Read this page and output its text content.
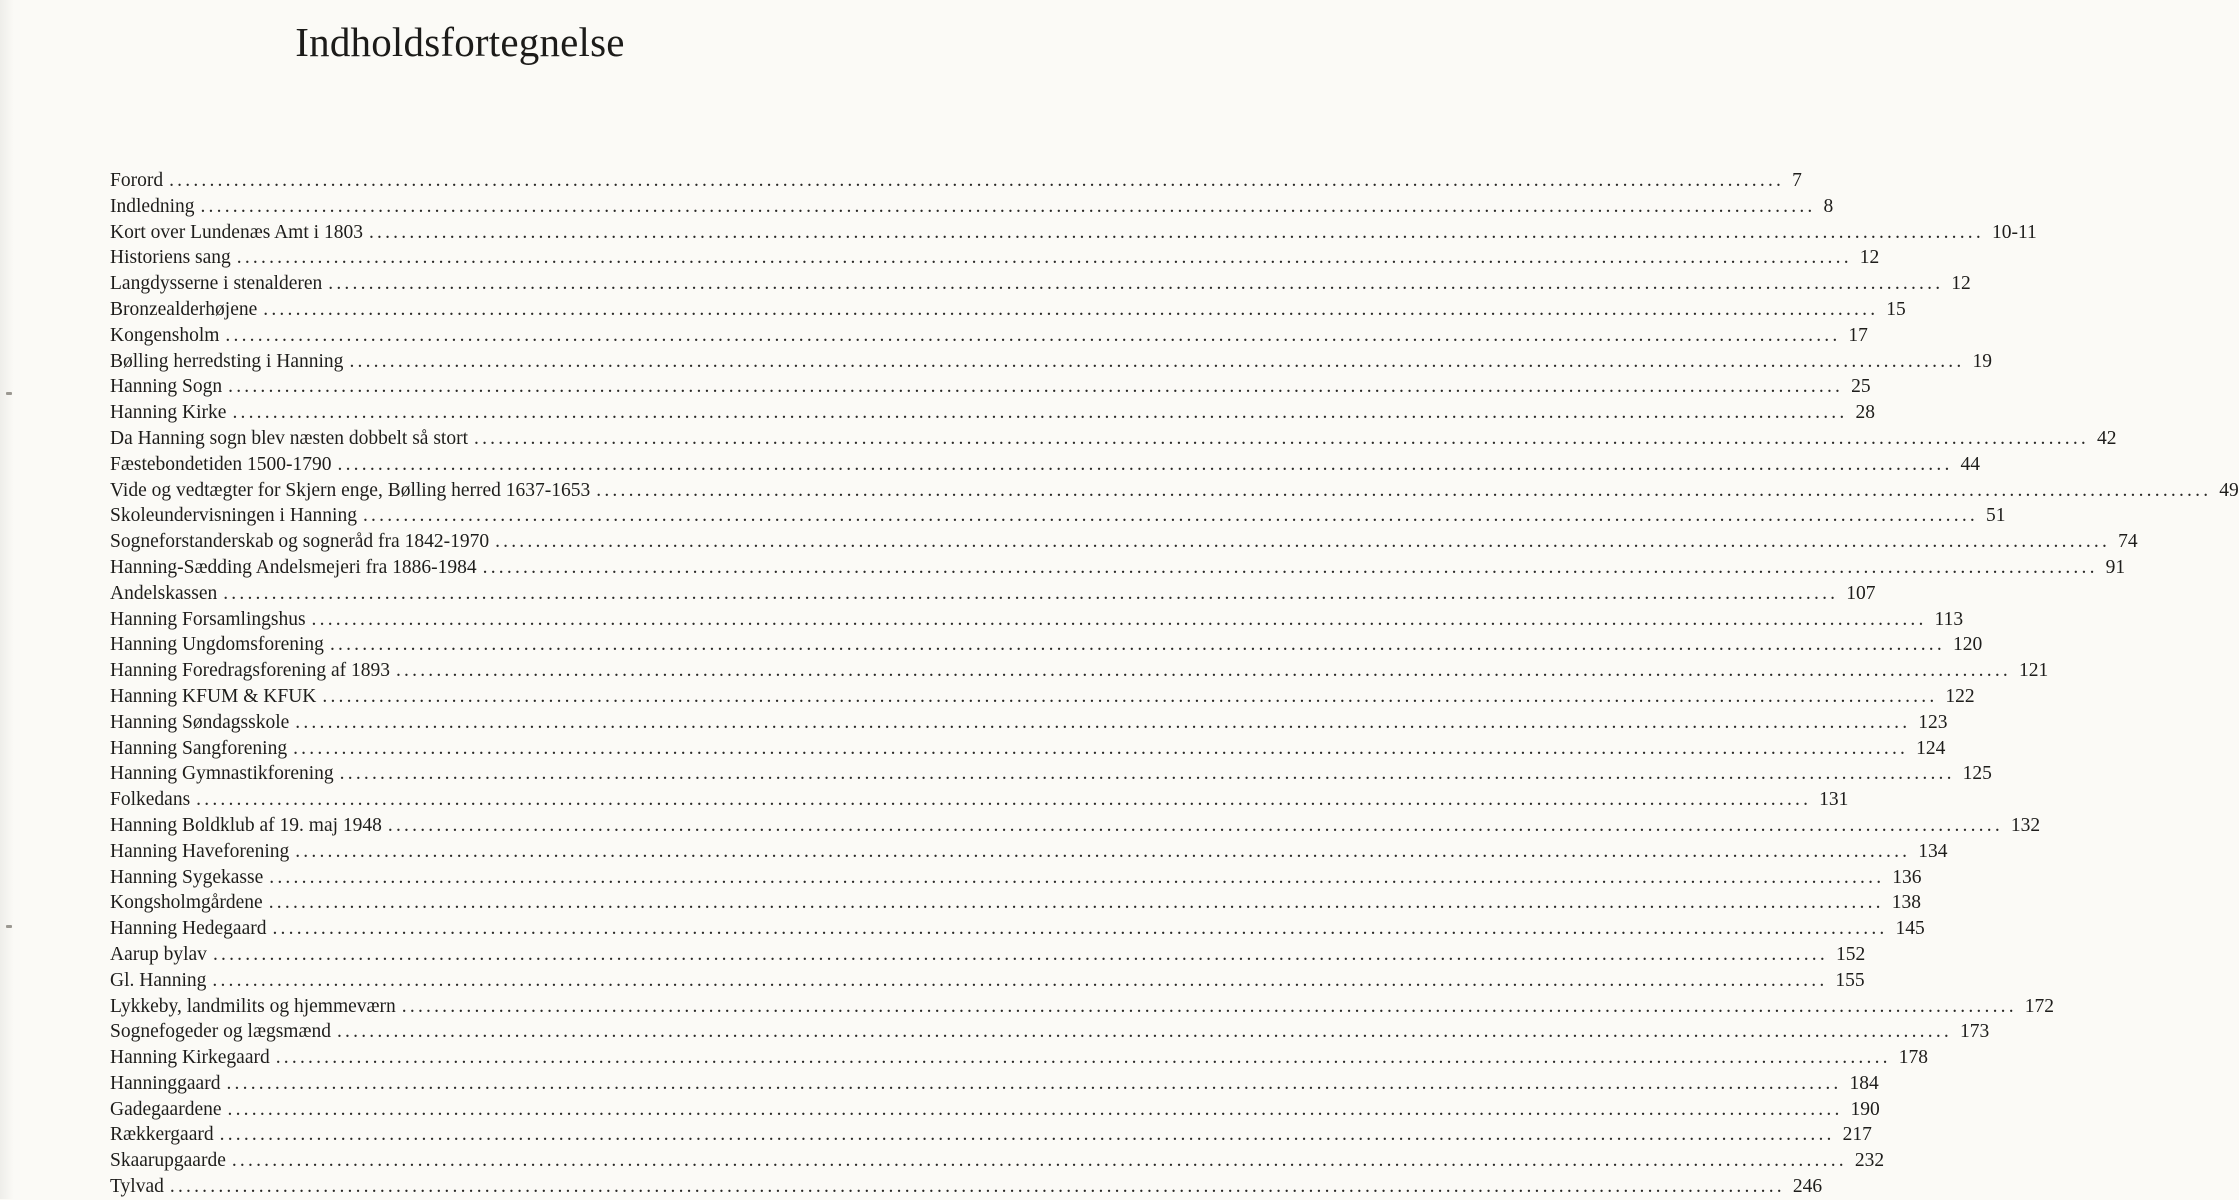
Indholdsfortegnelse
Forord ........................................................................................................................................................................................................ 7
Indledning ........................................................................................................................................................................................................ 8
Kort over Lundenæs Amt i 1803 ........................................................................................................................................................................................................ 10-11
Historiens sang ........................................................................................................................................................................................................ 12
Langdysserne i stenalderen ........................................................................................................................................................................................................ 12
Bronzealderhøjene ........................................................................................................................................................................................................ 15
Kongensholm ........................................................................................................................................................................................................ 17
Bølling herredsting i Hanning ........................................................................................................................................................................................................ 19
Hanning Sogn ........................................................................................................................................................................................................ 25
Hanning Kirke ........................................................................................................................................................................................................ 28
Da Hanning sogn blev næsten dobbelt så stort ........................................................................................................................................................................................................ 42
Fæstebondetiden 1500-1790 ........................................................................................................................................................................................................ 44
Vide og vedtægter for Skjern enge, Bølling herred 1637-1653 ........................................................................................................................................................................................................ 49
Skoleundervisningen i Hanning ........................................................................................................................................................................................................ 51
Sogneforstanderskab og sogneråd fra 1842-1970 ........................................................................................................................................................................................................ 74
Hanning-Sædding Andelsmejeri fra 1886-1984 ........................................................................................................................................................................................................ 91
Andelskassen ........................................................................................................................................................................................................ 107
Hanning Forsamlingshus ........................................................................................................................................................................................................ 113
Hanning Ungdomsforening ........................................................................................................................................................................................................ 120
Hanning Foredragsforening af 1893 ........................................................................................................................................................................................................ 121
Hanning KFUM & KFUK ........................................................................................................................................................................................................ 122
Hanning Søndagsskole ........................................................................................................................................................................................................ 123
Hanning Sangforening ........................................................................................................................................................................................................ 124
Hanning Gymnastikforening ........................................................................................................................................................................................................ 125
Folkedans ........................................................................................................................................................................................................ 131
Hanning Boldklub af 19. maj 1948 ........................................................................................................................................................................................................ 132
Hanning Haveforening ........................................................................................................................................................................................................ 134
Hanning Sygekasse ........................................................................................................................................................................................................ 136
Kongsholmgårdene ........................................................................................................................................................................................................ 138
Hanning Hedegaard ........................................................................................................................................................................................................ 145
Aarup bylav ........................................................................................................................................................................................................ 152
Gl. Hanning ........................................................................................................................................................................................................ 155
Lykkeby, landmilits og hjemmeværn ........................................................................................................................................................................................................ 172
Sognefogeder og lægsmænd ........................................................................................................................................................................................................ 173
Hanning Kirkegaard ........................................................................................................................................................................................................ 178
Hanninggaard ........................................................................................................................................................................................................ 184
Gadegaardene ........................................................................................................................................................................................................ 190
Rækkergaard ........................................................................................................................................................................................................ 217
Skaarupgaarde ........................................................................................................................................................................................................ 232
Tylvad ........................................................................................................................................................................................................ 246
